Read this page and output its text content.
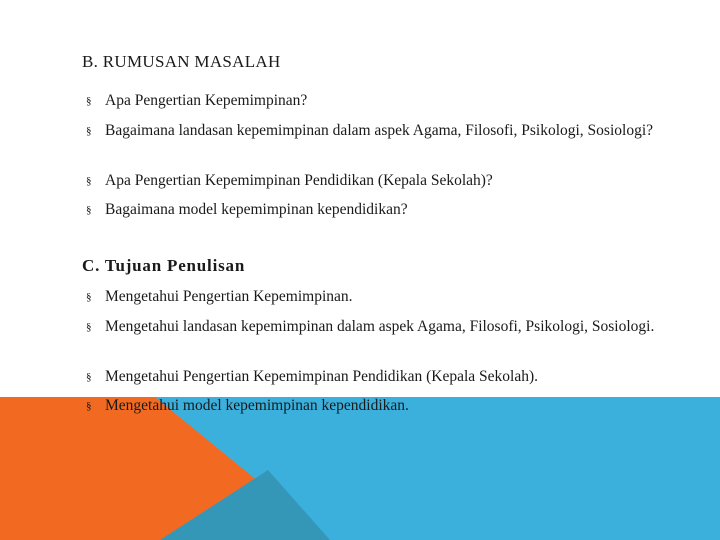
B. RUMUSAN MASALAH
§ Apa Pengertian Kepemimpinan?
§ Bagaimana landasan kepemimpinan dalam aspek Agama, Filosofi, Psikologi, Sosiologi?
§ Apa Pengertian Kepemimpinan Pendidikan (Kepala Sekolah)?
§ Bagaimana model kepemimpinan kependidikan?
C. Tujuan Penulisan
§ Mengetahui Pengertian Kepemimpinan.
§ Mengetahui landasan kepemimpinan dalam aspek Agama, Filosofi, Psikologi, Sosiologi.
§ Mengetahui Pengertian Kepemimpinan Pendidikan (Kepala Sekolah).
§ Mengetahui model kepemimpinan kependidikan.
